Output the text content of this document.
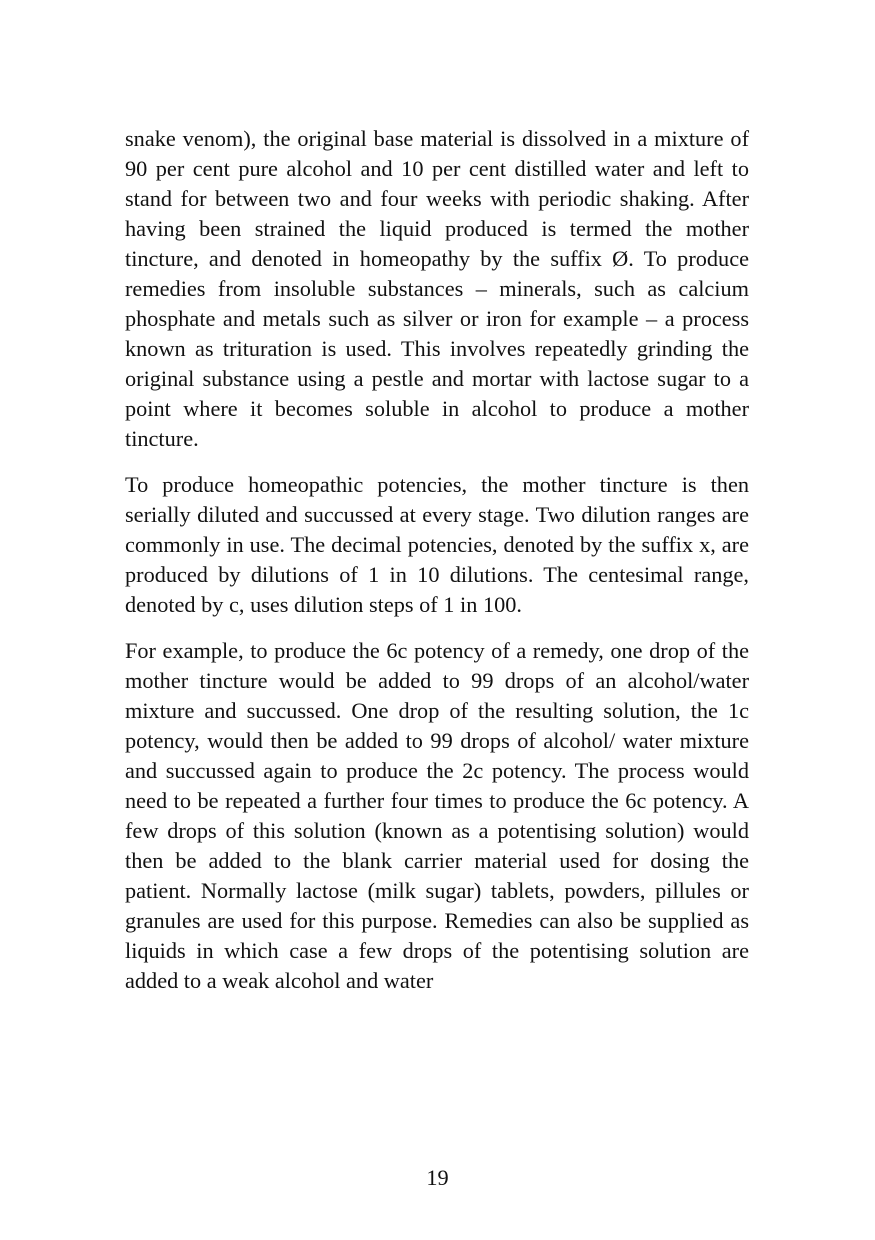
snake venom), the original base material is dissolved in a mixture of 90 per cent pure alcohol and 10 per cent distilled water and left to stand for between two and four weeks with periodic shaking. After having been strained the liquid produced is termed the mother tincture, and denoted in homeopathy by the suffix Ø. To produce remedies from insoluble substances – minerals, such as calcium phosphate and metals such as silver or iron for example – a process known as trituration is used. This involves repeatedly grinding the original substance using a pestle and mortar with lactose sugar to a point where it becomes soluble in alcohol to produce a mother tincture.

To produce homeopathic potencies, the mother tincture is then serially diluted and succussed at every stage. Two dilution ranges are commonly in use. The decimal potencies, denoted by the suffix x, are produced by dilutions of 1 in 10 dilutions. The centesimal range, denoted by c, uses dilution steps of 1 in 100.

For example, to produce the 6c potency of a remedy, one drop of the mother tincture would be added to 99 drops of an alcohol/water mixture and succussed. One drop of the resulting solution, the 1c potency, would then be added to 99 drops of alcohol/ water mixture and succussed again to produce the 2c potency. The process would need to be repeated a further four times to produce the 6c potency. A few drops of this solution (known as a potentising solution) would then be added to the blank carrier material used for dosing the patient. Normally lactose (milk sugar) tablets, powders, pillules or granules are used for this purpose. Remedies can also be supplied as liquids in which case a few drops of the potentising solution are added to a weak alcohol and water

19
